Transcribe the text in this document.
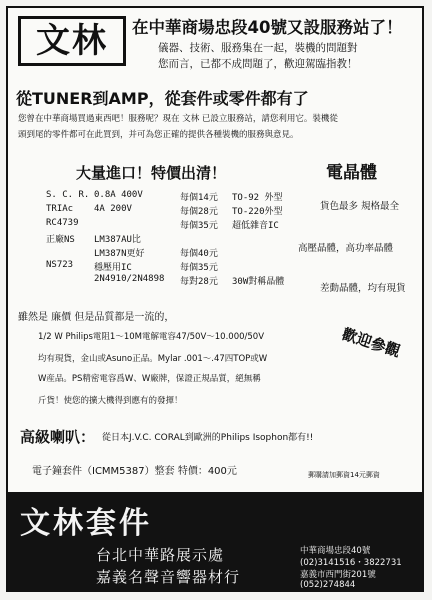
文林	在中華商場忠段40號又設服務站了！
儀器、技術、服務集在一起，裝機的問題對
您而言，已都不成問題了，歡迎駕臨指教！
從TUNER到AMP，從套件或零件都有了
您曾在中華商場買過東西吧！服務呢？現在 文林 已設立服務站，請您利用它。裝機從
頭到尾的零件都可在此買到，并可為您正確的提供各種裝機的服務與意見。
大量進口！特價出清！	電晶體
S. C. R. 0.8A 400V	每個14元 TO-92 外型
TRIAc 4A 200V	每個28元 TO-220外型
RC4739	每個35元 超低雜音IC
正廠NS LM387AU比
LM387N更好	每個40元
NS723 穩壓用IC	每個35元
2N4910/2N4898 每對28元 30W對稱晶體
貨色最多 規格最全
高壓晶體，高功率晶體
差動晶體，均有現貨
歡迎參觀
雖然是 廉價 但是品質都是一流的，
1/2 W Philips電阻1～10M電解電容47/50V～10.000/50V
均有現貨，金山或Asuno正品。Mylar .001～.47四TOP或W
W産品。PS精密電容爲W、W廠牌，保證正規品質，絕無稱
斤貨！使您的擴大機得到應有的發揮！
高級喇叭： 從日本J.V.C. CORAL到歐洲的Philips Isophon都有!!
電子鐘套件（ICMM5387）整套 特價：400元	郵購請加郵資14元郵資
文林套件
台北中華路展示處
嘉義名聲音響器材行
中華商場忠段40號
(02)3141516・3822731
嘉義市西門街201號
(052)274844
